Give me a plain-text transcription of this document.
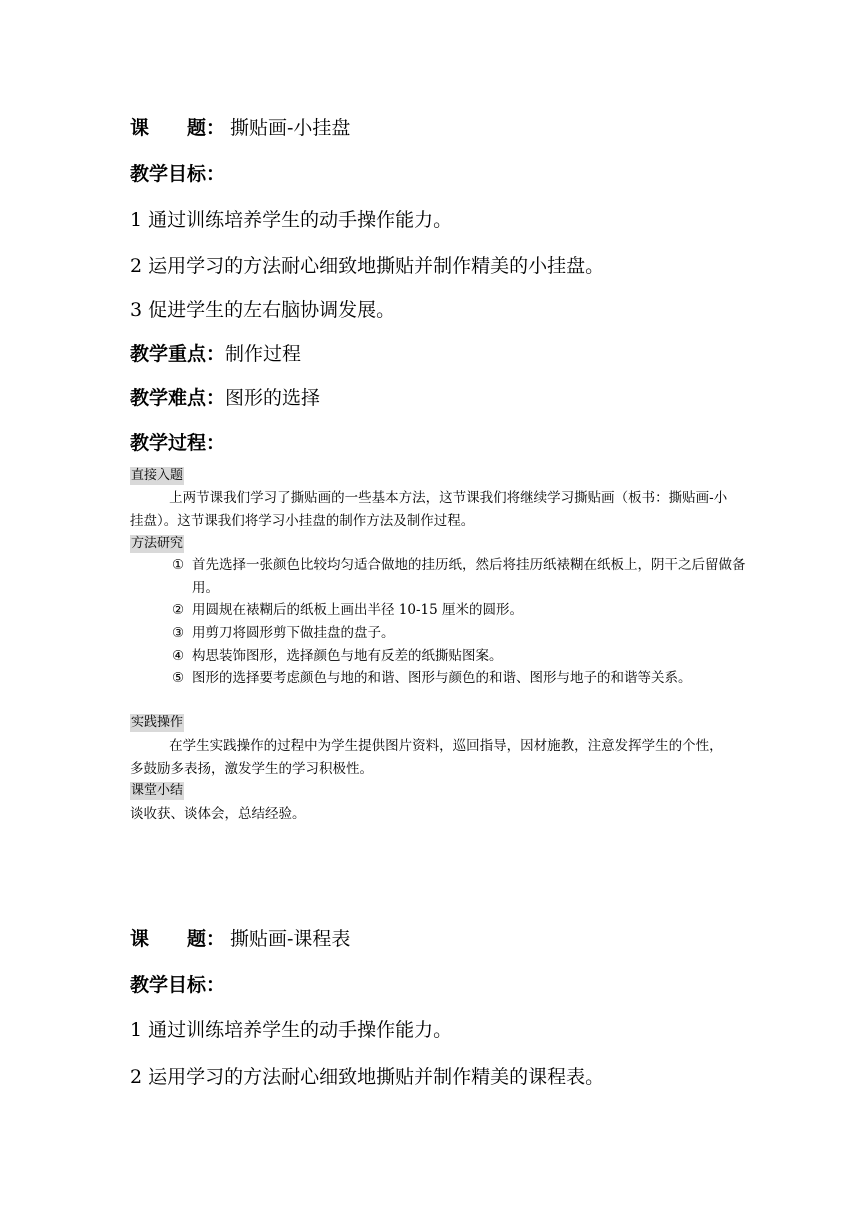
课　　题： 撕贴画-小挂盘
教学目标：
1 通过训练培养学生的动手操作能力。
2 运用学习的方法耐心细致地撕贴并制作精美的小挂盘。
3 促进学生的左右脑协调发展。
教学重点：制作过程
教学难点：图形的选择
教学过程：
直接入题
上两节课我们学习了撕贴画的一些基本方法，这节课我们将继续学习撕贴画（板书：撕贴画-小挂盘）。这节课我们将学习小挂盘的制作方法及制作过程。
方法研究
① 首先选择一张颜色比较均匀适合做地的挂历纸，然后将挂历纸裱糊在纸板上，阴干之后留做备用。
② 用圆规在裱糊后的纸板上画出半径 10-15 厘米的圆形。
③ 用剪刀将圆形剪下做挂盘的盘子。
④ 构思装饰图形，选择颜色与地有反差的纸撕贴图案。
⑤ 图形的选择要考虑颜色与地的和谐、图形与颜色的和谐、图形与地子的和谐等关系。
实践操作
在学生实践操作的过程中为学生提供图片资料，巡回指导，因材施教，注意发挥学生的个性，多鼓励多表扬，激发学生的学习积极性。
课堂小结
谈收获、谈体会，总结经验。
课　　题： 撕贴画-课程表
教学目标：
1 通过训练培养学生的动手操作能力。
2 运用学习的方法耐心细致地撕贴并制作精美的课程表。
